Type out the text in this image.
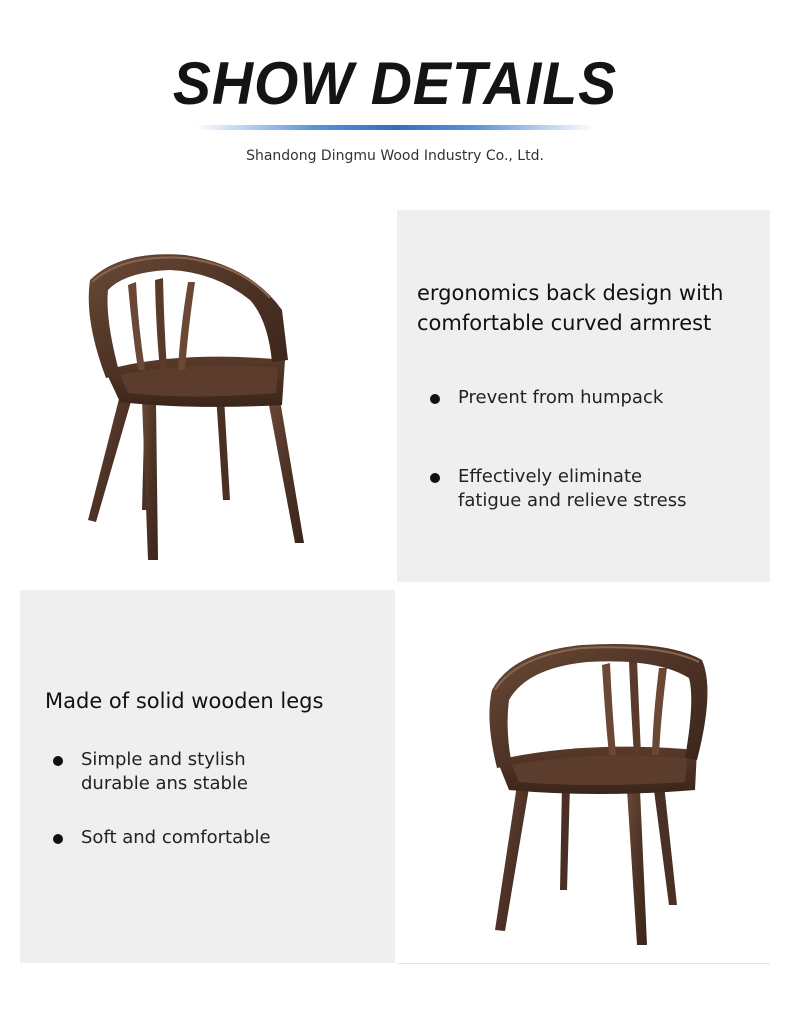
SHOW DETAILS
Shandong Dingmu Wood Industry Co., Ltd.
ergonomics back design with
comfortable curved armrest
Prevent from humpack
Effectively eliminate
fatigue and relieve stress
Made of solid wooden legs
Simple and stylish
durable ans stable
Soft and comfortable
